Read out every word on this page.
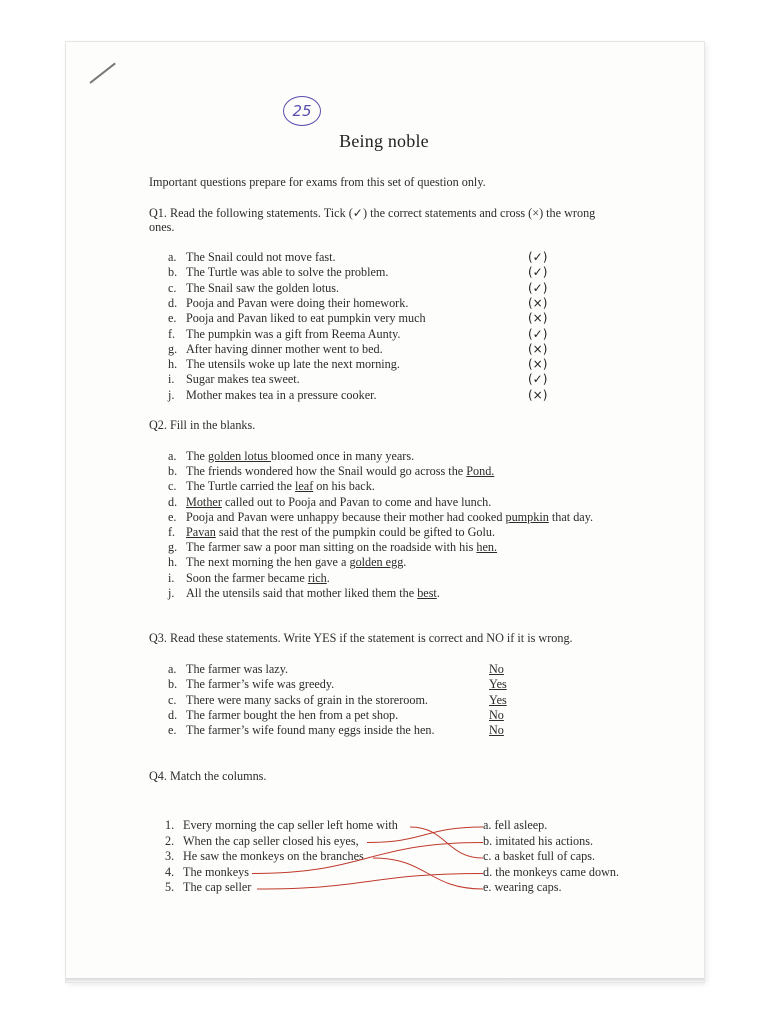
25
Being noble
Important questions prepare for exams from this set of question only.
Q1. Read the following statements. Tick (✓) the correct statements and cross (×) the wrong
ones.
a. The Snail could not move fast.	(✓)
b. The Turtle was able to solve the problem.	(✓)
c. The Snail saw the golden lotus.	(✓)
d. Pooja and Pavan were doing their homework.	(×)
e. Pooja and Pavan liked to eat pumpkin very much	(×)
f. The pumpkin was a gift from Reema Aunty.	(✓)
g. After having dinner mother went to bed.	(×)
h. The utensils woke up late the next morning.	(×)
i. Sugar makes tea sweet.	(✓)
j. Mother makes tea in a pressure cooker.	(×)
Q2. Fill in the blanks.
a. The golden lotus bloomed once in many years.
b. The friends wondered how the Snail would go across the Pond.
c. The Turtle carried the leaf on his back.
d. Mother called out to Pooja and Pavan to come and have lunch.
e. Pooja and Pavan were unhappy because their mother had cooked pumpkin that day.
f. Pavan said that the rest of the pumpkin could be gifted to Golu.
g. The farmer saw a poor man sitting on the roadside with his hen.
h. The next morning the hen gave a golden egg.
i. Soon the farmer became rich.
j. All the utensils said that mother liked them the best.
Q3. Read these statements. Write YES if the statement is correct and NO if it is wrong.
a. The farmer was lazy.	No
b. The farmer’s wife was greedy.	Yes
c. There were many sacks of grain in the storeroom.	Yes
d. The farmer bought the hen from a pet shop.	No
e. The farmer’s wife found many eggs inside the hen.	No
Q4. Match the columns.
1. Every morning the cap seller left home with
2. When the cap seller closed his eyes,
3. He saw the monkeys on the branches
4. The monkeys
5. The cap seller
a. fell asleep.
b. imitated his actions.
c. a basket full of caps.
d. the monkeys came down.
e. wearing caps.
